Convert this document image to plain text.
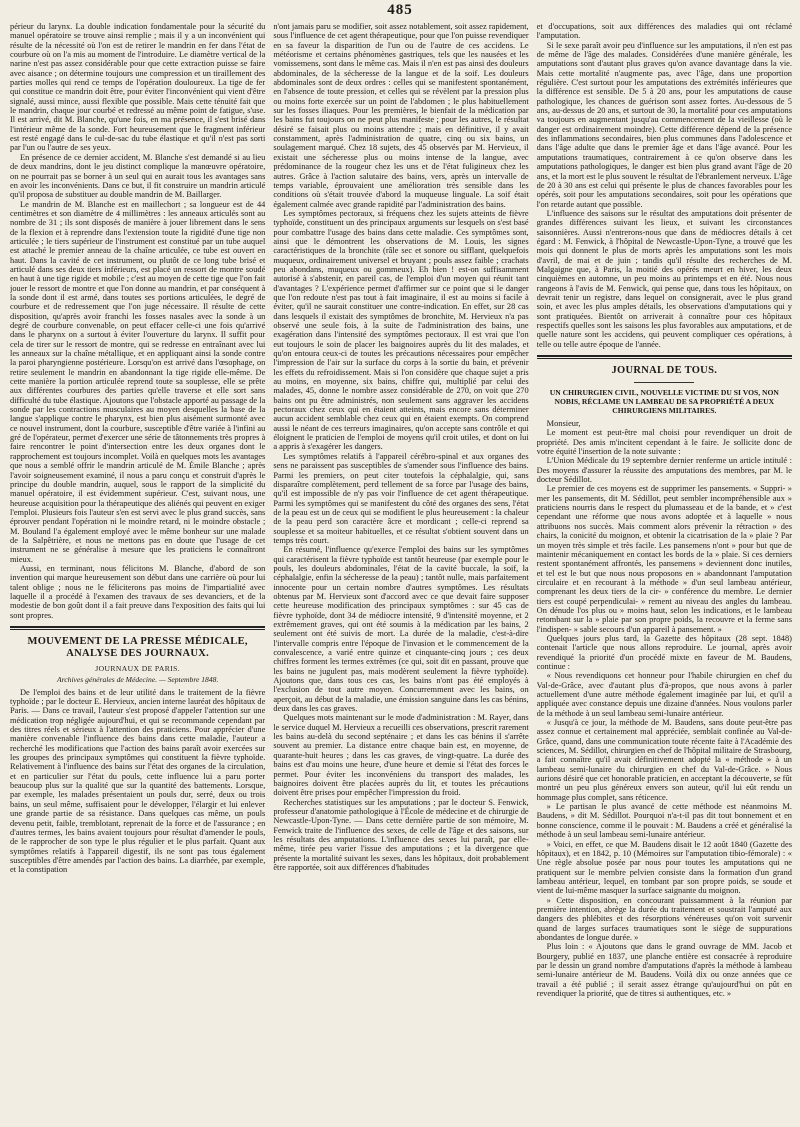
485

périeur du larynx. La double indication fondamentale pour la sécurité du manuel opératoire se trouve ainsi remplie ; mais il y a un inconvénient qui résulte de la nécessité où l'on est de retirer le mandrin en fer dans l'état de courbure où on l'a mis au moment de l'introduire. Le diamètre vertical de la narine n'est pas assez considérable pour que cette extraction puisse se faire avec aisance ; on détermine toujours une compression et un tiraillement des parties molles qui rend ce temps de l'opération douloureux. La tige de fer qui constitue ce mandrin doit être, pour éviter l'inconvénient qui vient d'être signalé, aussi mince, aussi flexible que possible. Mais cette ténuité fait que le mandrin, chaque jour courbé et redressé au même point de fatigue, s'use. Il est arrivé, dit M. Blanche, qu'une fois, en ma présence, il s'est brisé dans l'intérieur même de la sonde. Fort heureusement que le fragment inférieur est resté engagé dans le cul-de-sac du tube élastique et qu'il n'est pas sorti par l'un ou l'autre de ses yeux.

En présence de ce dernier accident, M. Blanche s'est demandé si au lieu de deux mandrins, dont le jeu distinct complique la manœuvre opératoire, on ne pourrait pas se borner à un seul qui en aurait tous les avantages sans en avoir les inconvénients. Dans ce but, il fit construire un mandrin articulé qu'il proposa de substituer au double mandrin de M. Baillarger.

Le mandrin de M. Blanche est en maillechort ; sa longueur est de 44 centimètres et son diamètre de 4 millimètres : les anneaux articulés sont au nombre de 31 ; ils sont disposés de manière à jouer librement dans le sens de la flexion et à reprendre dans l'extension toute la rigidité d'une tige non articulée ; le tiers supérieur de l'instrument est constitué par un tube auquel est attaché le premier anneau de la chaîne articulée, ce tube est ouvert en haut. Dans la cavité de cet instrument, ou plutôt de ce long tube brisé et articulé dans ses deux tiers inférieurs, est placé un ressort de montre soudé en haut à une tige rigide et mobile ; c'est au moyen de cette tige que l'on fait jouer le ressort de montre et que l'on donne au mandrin, et par conséquent à la sonde dont il est armé, dans toutes ses portions articulées, le degré de courbure et de redressement que l'on juge nécessaire. Il résulte de cette disposition, qu'après avoir franchi les fosses nasales avec la sonde à un degré de courbure convenable, on peut effacer celle-ci une fois qu'arrivé dans le pharynx on a surtout à éviter l'ouverture du larynx. Il suffit pour cela de tirer sur le ressort de montre, qui se redresse en entraînant avec lui les anneaux sur la chaîne métallique, et en appliquant ainsi la sonde contre la paroi pharyngienne postérieure. Lorsqu'on est arrivé dans l'œsophage, on retire seulement le mandrin en abandonnant la tige rigide elle-même. De cette manière la portion articulée reprend toute sa souplesse, elle se prête aux différentes courbures des parties qu'elle traverse et elle sort sans difficulté du tube élastique. Ajoutons que l'obstacle apporté au passage de la sonde par les contractions musculaires au moyen desquelles la base de la langue s'applique contre le pharynx, est bien plus aisément surmonté avec ce nouvel instrument, dont la courbure, susceptible d'être variée à l'infini au gré de l'opérateur, permet d'exercer une série de tâtonnements très propres à faire rencontrer le point d'intersection entre les deux organes dont le rapprochement est toujours incomplet. Voilà en quelques mots les avantages que nous a semblé offrir le mandrin articulé de M. Émile Blanche ; après l'avoir soigneusement examiné, il nous a paru conçu et construit d'après le principe du double mandrin, auquel, sous le rapport de la simplicité du manuel opératoire, il est évidemment supérieur. C'est, suivant nous, une heureuse acquisition pour la thérapeutique des aliénés qui peuvent en exiger l'emploi. Plusieurs fois l'auteur s'en est servi avec le plus grand succès, sans éprouver pendant l'opération ni le moindre retard, ni le moindre obstacle ; M. Bouland l'a également employé avec le même bonheur sur une malade de la Salpêtrière, et nous ne mettons pas en doute que l'usage de cet instrument ne se généralise à mesure que les praticiens le connaîtront mieux.

Aussi, en terminant, nous félicitons M. Blanche, d'abord de son invention qui marque heureusement son début dans une carrière où pour lui talent oblige ; nous ne le féliciterons pas moins de l'impartialité avec laquelle il a procédé à l'examen des travaux de ses devanciers, et de la modestie de bon goût dont il a fait preuve dans l'exposition des faits qui lui sont propres.

MOUVEMENT DE LA PRESSE MÉDICALE, ANALYSE DES JOURNAUX.
JOURNAUX DE PARIS.
Archives générales de Médecine. — Septembre 1848.

De l'emploi des bains et de leur utilité dans le traitement de la fièvre typhoïde ; par le docteur E. Hervieux, ancien interne lauréat des hôpitaux de Paris. — Dans ce travail, l'auteur s'est proposé d'appeler l'attention sur une médication trop négligée aujourd'hui, et qui se recommande cependant par des titres réels et sérieux à l'attention des praticiens. Pour apprécier d'une manière convenable l'influence des bains dans cette maladie, l'auteur a recherché les modifications que l'action des bains paraît avoir exercées sur les groupes des principaux symptômes qui constituent la fièvre typhoïde. Relativement à l'influence des bains sur l'état des organes de la circulation, et en particulier sur l'état du pouls, cette influence lui a paru porter beaucoup plus sur la qualité que sur la quantité des battements. Lorsque, par exemple, les malades présentaient un pouls dur, serré, deux ou trois bains, un seul même, suffisaient pour le développer, l'élargir et lui enlever une grande partie de sa résistance. Dans quelques cas même, un pouls devenu petit, faible, tremblotant, reprenait de la force et de l'assurance ; en d'autres termes, les bains avaient toujours pour résultat d'amender le pouls, de le rapprocher de son type le plus régulier et le plus parfait. Quant aux symptômes relatifs à l'appareil digestif, ils ne sont pas tous également susceptibles d'être amendés par l'action des bains. La diarrhée, par exemple, et la constipation

n'ont jamais paru se modifier, soit assez notablement, soit assez rapidement, sous l'influence de cet agent thérapeutique, pour que l'on puisse revendiquer en sa faveur la disparition de l'un ou de l'autre de ces accidens. Le météorisme et certains phénomènes gastriques, tels que les nausées et les vomissemens, sont dans le même cas. Mais il n'en est pas ainsi des douleurs abdominales, de la sécheresse de la langue et de la soif. Les douleurs abdominales sont de deux ordres : celles qui se manifestent spontanément, en l'absence de toute pression, et celles qui se révèlent par la pression plus ou moins forte exercée sur un point de l'abdomen ; le plus habituellement sur les fosses iliaques. Pour les premières, le bienfait de la médication par les bains fut toujours on ne peut plus manifeste ; pour les autres, le résultat désiré se faisait plus ou moins attendre ; mais en définitive, il y avait constamment, après l'administration de quatre, cinq ou six bains, un soulagement marqué. Chez 18 sujets, des 45 observés par M. Hervieux, il existait une sécheresse plus ou moins intense de la langue, avec prédominance de la rougeur chez les uns et de l'état fuligineux chez les autres. Grâce à l'action salutaire des bains, vers, après un intervalle de temps variable, éprouvaient une amélioration très sensible dans les conditions où s'était trouvée d'abord la muqueuse linguale. La soif était également calmée avec grande rapidité par l'administration des bains.

Les symptômes pectoraux, si fréquens chez les sujets atteints de fièvre typhoïde, constituent un des principaux arguments sur lesquels on s'est basé pour combattre l'usage des bains dans cette maladie. Ces symptômes sont, ainsi que le démontrent les observations de M. Louis, les signes caractéristiques de la bronchite (râle sec et sonore ou sifflant, quelquefois muqueux, ordinairement universel et bruyant ; pouls assez faible ; crachats peu abondans, muqueux ou gommeux). Eh bien ! est-on suffisamment autorisé à s'abstenir, en pareil cas, de l'emploi d'un moyen qui réunit tant d'avantages ? L'expérience permet d'affirmer sur ce point que si le danger que l'on redoute n'est pas tout à fait imaginaire, il est au moins si facile à éviter, qu'il ne saurait constituer une contre-indication. En effet, sur 28 cas dans lesquels il existait des symptômes de bronchite, M. Hervieux n'a pas observé une seule fois, à la suite de l'administration des bains, une exagération dans l'intensité des symptômes pectoraux. Il est vrai que l'on eut toujours le soin de placer les baignoires auprès du lit des malades, et qu'on entoura ceux-ci de toutes les précautions nécessaires pour empêcher l'impression de l'air sur la surface du corps à la sortie du bain, et prévenir les effets du refroidissement. Mais si l'on considère que chaque sujet a pris au moins, en moyenne, six bains, chiffre qui, multiplié par celui des malades, 45, donne le nombre assez considérable de 270, on voit que 270 bains ont pu être administrés, non seulement sans aggraver les accidens pectoraux chez ceux qui en étaient atteints, mais encore sans déterminer aucun accident semblable chez ceux qui en étaient exempts. On comprend aussi le néant de ces terreurs imaginaires, qu'on accepte sans contrôle et qui éloignent le praticien de l'emploi de moyens qu'il croit utiles, et dont on lui a appris à s'exagérer les dangers.

Les symptômes relatifs à l'appareil cérébro-spinal et aux organes des sens ne paraissent pas susceptibles de s'amender sous l'influence des bains. Parmi les premiers, on peut citer toutefois la céphalalgie, qui, sans disparaître complètement, perd tellement de sa force par l'usage des bains, qu'il est impossible de n'y pas voir l'influence de cet agent thérapeutique. Parmi les symptômes qui se manifestent du côté des organes des sens, l'état de la peau est un de ceux qui se modifient le plus heureusement : la chaleur de la peau perd son caractère âcre et mordicant ; celle-ci reprend sa souplesse et sa moiteur habituelles, et ce résultat s'obtient souvent dans un temps très court.

En résumé, l'influence qu'exerce l'emploi des bains sur les symptômes qui caractérisent la fièvre typhoïde est tantôt heureuse (par exemple pour le pouls, les douleurs abdominales, l'état de la cavité buccale, la soif, la céphalalgie, enfin la sécheresse de la peau) ; tantôt nulle, mais parfaitement innocente pour un certain nombre d'autres symptômes. Les résultats obtenus par M. Hervieux sont d'accord avec ce que devait faire supposer cette heureuse modification des principaux symptômes : sur 45 cas de fièvre typhoïde, dont 34 de médiocre intensité, 9 d'intensité moyenne, et 2 extrêmement graves, qui ont été soumis à la médication par les bains, 2 seulement ont été suivis de mort. La durée de la maladie, c'est-à-dire l'intervalle compris entre l'époque de l'invasion et le commencement de la convalescence, a varié entre quinze et cinquante-cinq jours ; ces deux chiffres forment les termes extrêmes (ce qui, soit dit en passant, prouve que les bains ne jugulent pas, mais modèrent seulement la fièvre typhoïde). Ajoutons que, dans tous ces cas, les bains n'ont pas été employés à l'exclusion de tout autre moyen. Concurremment avec les bains, on aperçoit, au début de la maladie, une émission sanguine dans les cas bénins, deux dans les cas graves.

Quelques mots maintenant sur le mode d'administration : M. Rayer, dans le service duquel M. Hervieux a recueilli ces observations, prescrit rarement les bains au-delà du second septénaire ; et dans les cas bénins il s'arrête souvent au premier. La distance entre chaque bain est, en moyenne, de quarante-huit heures ; dans les cas graves, de vingt-quatre. La durée des bains est d'au moins une heure, d'une heure et demie si l'état des forces le permet. Pour éviter les inconvéniens du transport des malades, les baignoires doivent être placées auprès du lit, et toutes les précautions doivent être prises pour empêcher l'impression du froid.

Recherches statistiques sur les amputations ; par le docteur S. Fenwick, professeur d'anatomie pathologique à l'École de médecine et de chirurgie de Newcastle-Upon-Tyne. — Dans cette dernière partie de son mémoire, M. Fenwick traite de l'influence des sexes, de celle de l'âge et des saisons, sur les résultats des amputations. L'influence des sexes lui paraît, par elle-même, tirée peu varier l'issue des amputations ; et la divergence que présente la mortalité suivant les sexes, dans les hôpitaux, doit probablement être rapportée, soit aux différences d'habitudes

et d'occupations, soit aux différences des maladies qui ont réclamé l'amputation.

Si le sexe paraît avoir peu d'influence sur les amputations, il n'en est pas de même de l'âge des malades. Considérées d'une manière générale, les amputations sont d'autant plus graves qu'on avance davantage dans la vie. Mais cette mortalité n'augmente pas, avec l'âge, dans une proportion régulière. C'est surtout pour les amputations des extrémités inférieures que la différence est sensible. De 5 à 20 ans, pour les amputations de cause pathologique, les chances de guérison sont assez fortes. Au-dessous de 5 ans, au-dessus de 20 ans, et surtout de 30, la mortalité pour ces amputations va toujours en augmentant jusqu'au commencement de la vieillesse (où le danger est ordinairement moindre). Cette différence dépend de la présence des inflammations secondaires, bien plus communes dans l'adolescence et dans l'âge adulte que dans le premier âge et dans l'âge avancé. Pour les amputations traumatiques, contrairement à ce qu'on observe dans les amputations pathologiques, le danger est bien plus grand avant l'âge de 20 ans, et la mort est le plus souvent le résultat de l'ébranlement nerveux. L'âge de 20 à 30 ans est celui qui présente le plus de chances favorables pour les opérés, soit pour les amputations secondaires, soit pour les opérations que l'on retarde autant que possible.

L'influence des saisons sur le résultat des amputations doit présenter de grandes différences suivant les lieux, et suivant les circonstances saisonnières. Aussi n'entrerons-nous que dans de médiocres détails à cet égard : M. Fenwick, à l'hôpital de Newcastle-Upon-Tyne, a trouvé que les mois qui donnent le plus de morts après les amputations sont les mois d'avril, de mai et de juin ; tandis qu'il résulte des recherches de M. Malgaigne que, à Paris, la moitié des opérés meurt en hiver, les deux cinquièmes en automne, un peu moins au printemps et en été. Nous nous rangeons à l'avis de M. Fenwick, qui pense que, dans tous les hôpitaux, on devrait tenir un registre, dans lequel on consignerait, avec le plus grand soin, et avec les plus amples détails, les observations d'amputations qui y sont pratiquées. Bientôt on arriverait à connaître pour ces hôpitaux respectifs quelles sont les saisons les plus favorables aux amputations, et de quelle nature sont les accidens, qui peuvent compliquer ces opérations, à telle ou telle autre époque de l'année.

JOURNAL DE TOUS.
UN CHIRURGIEN CIVIL, NOUVELLE VICTIME DU SI VOS, NON NOBIS, RÉCLAME UN LAMBEAU DE SA PROPRIÉTÉ A DEUX CHIRURGIENS MILITAIRES.

Monsieur,

Le moment est peut-être mal choisi pour revendiquer un droit de propriété. Des amis m'incitent cependant à le faire. Je sollicite donc de votre équité l'insertion de la note suivante :

L'Union Médicale du 19 septembre dernier renferme un article intitulé : Des moyens d'assurer la réussite des amputations des membres, par M. le docteur Sédillot.

Le premier de ces moyens est de supprimer les pansements. « Suppri- » mer les pansements, dit M. Sédillot, peut sembler incompréhensible aux » praticiens nourris dans le respect du plumasseau et de la bande, et » c'est cependant une réforme que nous avons adoptée et à laquelle » nous attribuons nos succès. Mais comment alors prévenir la rétraction » des chairs, la conicité du moignon, et obtenir la cicatrisation de la » plaie ? Par un moyen très simple et très facile. Les pansemens n'ont » pour but que de maintenir mécaniquement en contact les bords de la » plaie. Si ces derniers restent spontanément affrontés, les pansemens » deviennent donc inutiles, et tel est le but que nous nous proposons en » abandonnant l'amputation circulaire et en recourant à la méthode » d'un seul lambeau antérieur, comprenant les deux tiers de la cir- » conférence du membre. Le dernier tiers est coupé perpendiculai- » rement au niveau des angles du lambeau. On dénude l'os plus ou » moins haut, selon les indications, et le lambeau retombant sur la » plaie par son propre poids, la recouvre et la ferme sans l'indispen- » sable secours d'un appareil à pansement. »

Quelques jours plus tard, la Gazette des hôpitaux (28 sept. 1848) contenait l'article que nous allons reproduire. Le journal, après avoir revendiqué la priorité d'un procédé mixte en faveur de M. Baudens, continue :

« Nous revendiquons cet honneur pour l'habile chirurgien en chef du Val-de-Grâce, avec d'autant plus d'à-propos, que nous avons à parler actuellement d'une autre méthode également imaginée par lui, et qu'il a appliquée avec constance depuis une dizaine d'années. Nous voulons parler de la méthode à un seul lambeau semi-lunaire antérieur.

« Jusqu'à ce jour, la méthode de M. Baudens, sans doute peut-être pas assez connue et certainement mal appréciée, semblait confinée au Val-de-Grâce, quand, dans une communication toute récente faite à l'Académie des sciences, M. Sédillot, chirurgien en chef de l'hôpital militaire de Strasbourg, a fait connaître qu'il avait définitivement adopté la « méthode » à un lambeau semi-lunaire du chirurgien en chef du Val-de-Grâce. » Nous aurions désiré que cet honorable praticien, en acceptant la découverte, se fût montré un peu plus généreux envers son auteur, qu'il lui eût rendu un hommage plus complet, sans réticence.

» Le partisan le plus avancé de cette méthode est néanmoins M. Baudens, » dit M. Sédillot. Pourquoi n'a-t-il pas dit tout bonnement et en bonne conscience, comme il le pouvait : M. Baudens a créé et généralisé la méthode à un seul lambeau semi-lunaire antérieur.

» Voici, en effet, ce que M. Baudens disait le 12 août 1840 (Gazette des hôpitaux), et en 1842, p. 10 (Mémoires sur l'amputation tibio-fémorale) : « Une règle absolue posée par nous pour toutes les amputations qui ne pratiquent sur le membre pelvien consiste dans la formation d'un grand lambeau antérieur, lequel, en tombant par son propre poids, se soude et vient de lui-même masquer la surface saignante du moignon.

» Cette disposition, en concourant puissamment à la réunion par première intention, abrège la durée du traitement et soustrait l'amputé aux dangers des phlébites et des résorptions vénéreuses qu'on voit survenir quand de larges surfaces traumatiques sont le siège de suppurations abondantes de longue durée. »

Plus loin : « Ajoutons que dans le grand ouvrage de MM. Jacob et Bourgery, publié en 1837, une planche entière est consacrée à reproduire par le dessin un grand nombre d'amputations d'après la méthode à lambeau semi-lunaire antérieur de M. Baudens. Voilà dix ou onze années que ce travail a été publié ; il serait assez étrange qu'aujourd'hui on pût en revendiquer la priorité, que de titres si authentiques, etc. »
